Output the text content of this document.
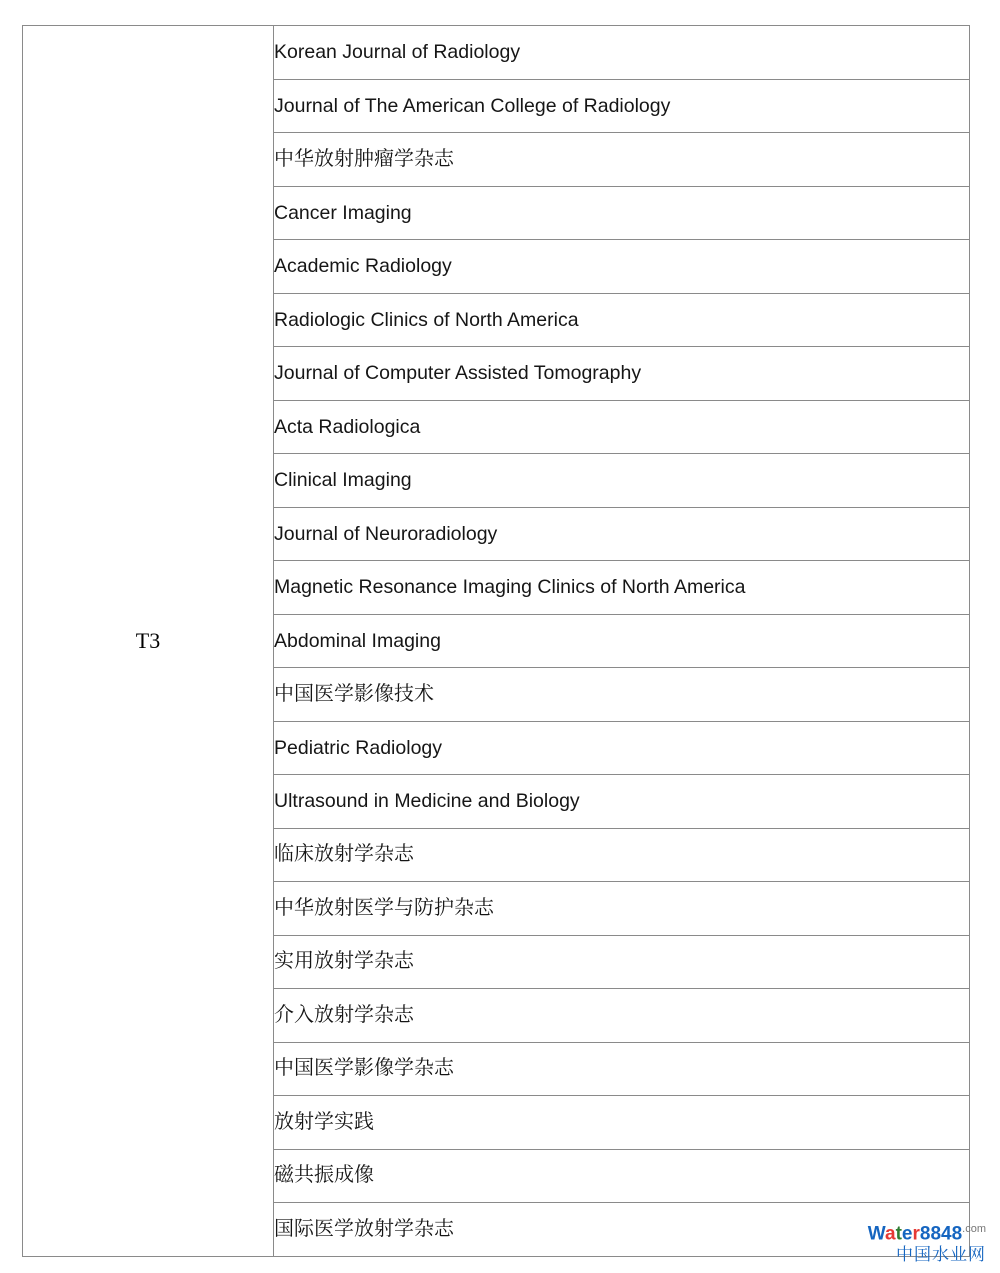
T3	Korean Journal of Radiology
Journal of The American College of Radiology
中华放射肿瘤学杂志
Cancer Imaging
Academic Radiology
Radiologic Clinics of North America
Journal of Computer Assisted Tomography
Acta Radiologica
Clinical Imaging
Journal of Neuroradiology
Magnetic Resonance Imaging Clinics of North America
Abdominal Imaging
中国医学影像技术
Pediatric Radiology
Ultrasound in Medicine and Biology
临床放射学杂志
中华放射医学与防护杂志
实用放射学杂志
介入放射学杂志
中国医学影像学杂志
放射学实践
磁共振成像
国际医学放射学杂志	$Water8848^{.com}$
中国水业网
